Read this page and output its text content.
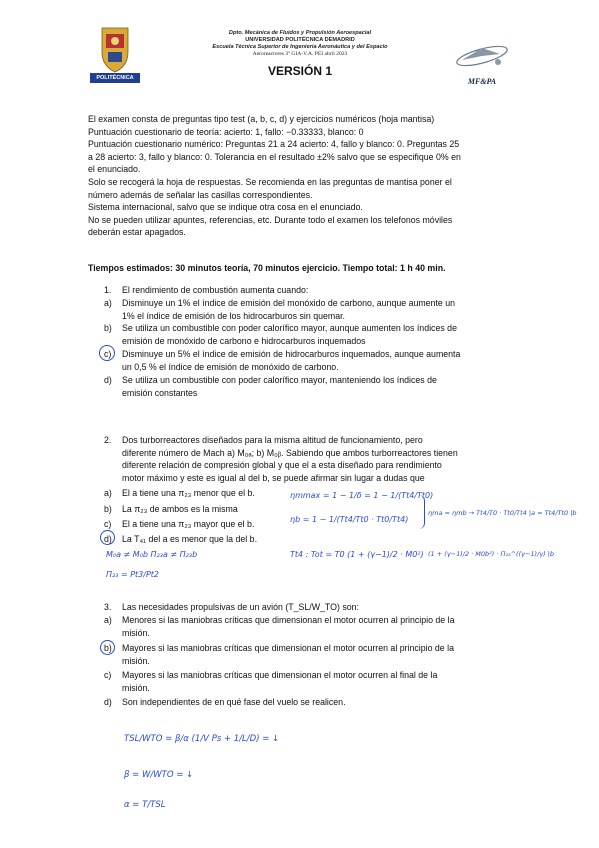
POLITÉCNICA
Dpto. Mecánica de Fluidos y Propulsión Aeroespacial
UNIVERSIDAD POLITÉCNICA DEMADRID
Escuela Técnica Superior de Ingeniería Aeronáutica y del Espacio
Aeroreactores 3º GIA-V.A. PEI abril 2023
VERSIÓN 1
MF&PA
El examen consta de preguntas tipo test (a, b, c, d) y ejercicios numéricos (hoja mantisa)
Puntuación cuestionario de teoría: acierto: 1, fallo: −0.33333, blanco: 0
Puntuación cuestionario numérico: Preguntas 21 a 24 acierto: 4, fallo y blanco: 0. Preguntas 25
a 28 acierto: 3, fallo y blanco: 0. Tolerancia en el resultado ±2% salvo que se especifique 0% en
el enunciado.
Solo se recogerá la hoja de respuestas. Se recomienda en las preguntas de mantisa poner el
número además de señalar las casillas correspondientes.
Sistema internacional, salvo que se indique otra cosa en el enunciado.
No se pueden utilizar apuntes, referencias, etc. Durante todo el examen los telefonos móviles
deberán estar apagados.
Tiempos estimados: 30 minutos teoría, 70 minutos ejercicio. Tiempo total: 1 h 40 min.
1. El rendimiento de combustión aumenta cuando:
a) Disminuye un 1% el índice de emisión del monóxido de carbono, aunque aumente un
1% el índice de emisión de los hidrocarburos sin quemar.
b) Se utiliza un combustible con poder calorífico mayor, aunque aumenten los índices de
emisión de monóxido de carbono e hidrocarburos inquemados
c) Disminuye un 5% el índice de emisión de hidrocarburos inquemados, aunque aumenta
un 0,5 % el índice de emisión de monóxido de carbono.
d) Se utiliza un combustible con poder calorífico mayor, manteniendo los índices de
emisión constantes
2. Dos turborreactores diseñados para la misma altitud de funcionamiento, pero
diferente número de Mach a) M₀ₐ; b) M₀ᵦ. Sabiendo que ambos turborreactores tienen
diferente relación de compresión global y que el a esta diseñado para rendimiento
motor máximo y este es igual al del b, se puede afirmar sin lugar a dudas que
a) El a tiene una π₂₃ menor que el b.
b) La π₂₃ de ambos es la misma
c) El a tiene una π₂₃ mayor que el b.
d) La T₄₁ del a es menor que la del b.
M₀a ≠ M₀b Π₂₃a ≠ Π₂₃b
Π₂₃ = Pt3/Pt2
ηmmax = 1 − 1/δ = 1 − 1/(Tt4/Tt0)
ηb = 1 − 1/(Tt4/Tt0 · Tt0/Tt4)
ηma = ηmb → Tt4/T0 · Tt0/Tt4 |a = Tt4/Tt0 |b
Tt4 : Tot = T0 (1 + (γ−1)/2 · M0²) (1 + (γ−1)/2 · M0b²) · Π₂₃^((γ−1)/γ) |b
3. Las necesidades propulsivas de un avión (T_SL/W_TO) son:
a) Menores si las maniobras críticas que dimensionan el motor ocurren al principio de la
misión.
b) Mayores si las maniobras críticas que dimensionan el motor ocurren al principio de la
misión.
c) Mayores si las maniobras críticas que dimensionan el motor ocurren al final de la
misión.
d) Son independientes de en qué fase del vuelo se realicen.
TSL/WTO = β/α (1/V Ps + 1/L/D) = ↓
β = W/WTO = ↓
α = T/TSL
